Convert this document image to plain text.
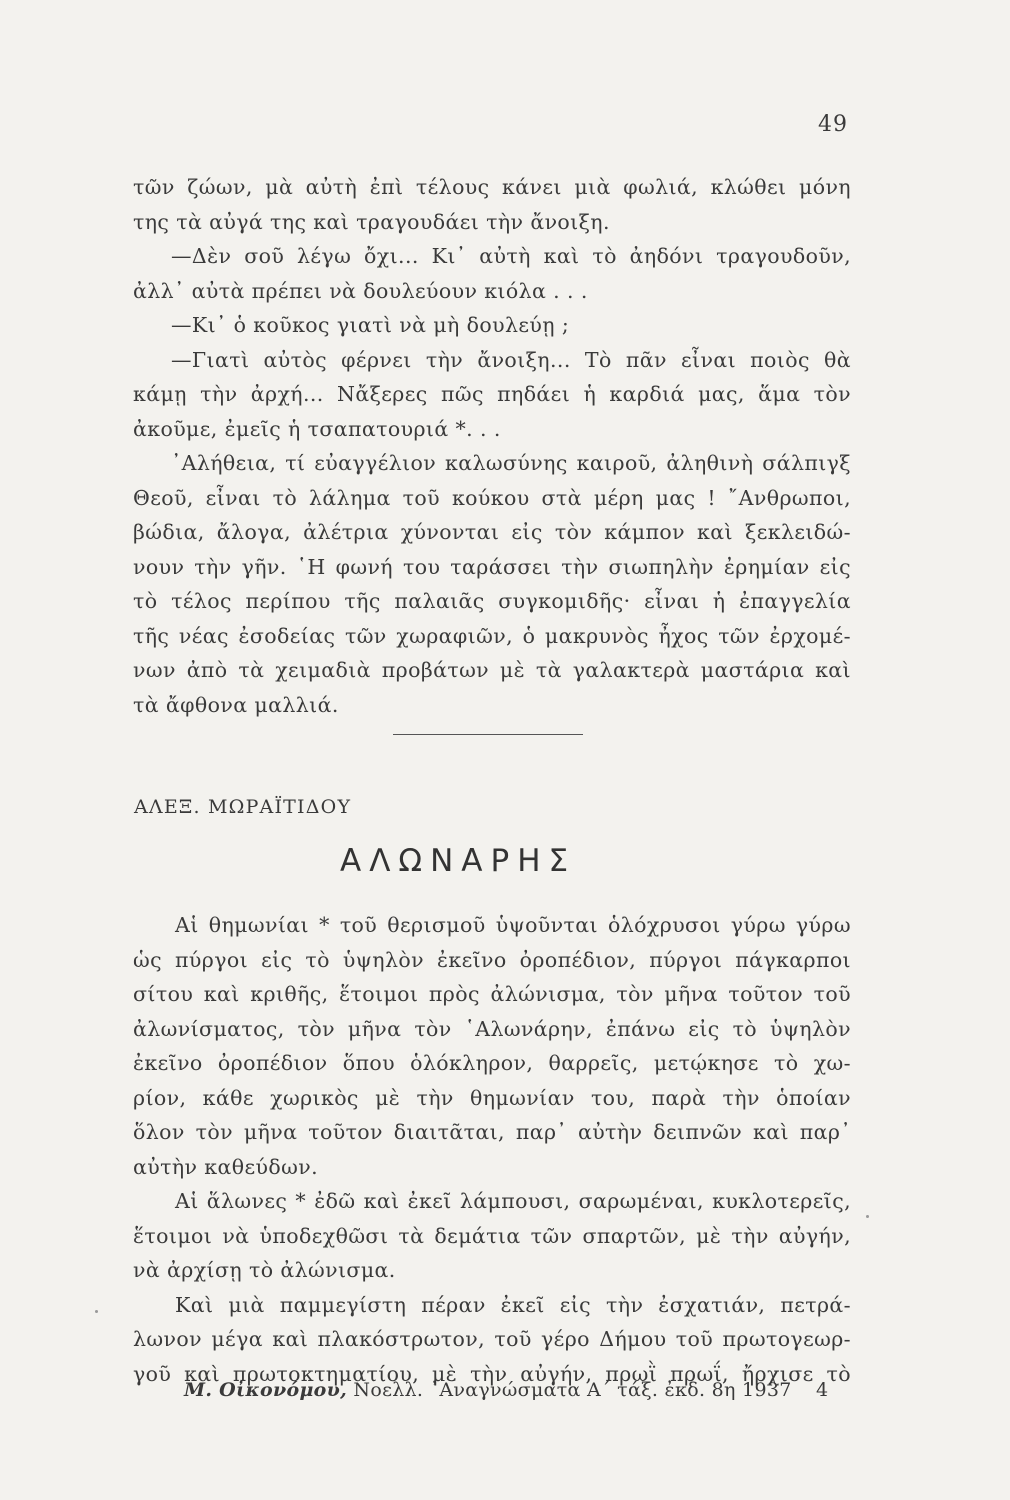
49
τῶν ζώων, μὰ αὐτὴ ἐπὶ τέλους κάνει μιὰ φωλιά, κλώθει μόνη
της τὰ αὐγά της καὶ τραγουδάει τὴν ἄνοιξη.
—Δὲν σοῦ λέγω ὄχι... Κι᾿ αὐτὴ καὶ τὸ ἀηδόνι τραγουδοῦν,
ἀλλ᾿ αὐτὰ πρέπει νὰ δουλεύουν κιόλα . . .
—Κι᾿ ὁ κοῦκος γιατὶ νὰ μὴ δουλεύῃ ;
—Γιατὶ αὐτὸς φέρνει τὴν ἄνοιξη... Τὸ πᾶν εἶναι ποιὸς θὰ
κάμῃ τὴν ἀρχή... Νἄξερες πῶς πηδάει ἡ καρδιά μας, ἅμα τὸν
ἀκοῦμε, ἐμεῖς ἡ τσαπατουριά *. . .
᾿Αλήθεια, τί εὐαγγέλιον καλωσύνης καιροῦ, ἀληθινὴ σάλπιγξ
Θεοῦ, εἶναι τὸ λάλημα τοῦ κούκου στὰ μέρη μας ! ῎Ανθρωποι,
βώδια, ἄλογα, ἀλέτρια χύνονται εἰς τὸν κάμπον καὶ ξεκλειδώ-
νουν τὴν γῆν. ῾Η φωνή του ταράσσει τὴν σιωπηλὴν ἐρημίαν εἰς
τὸ τέλος περίπου τῆς παλαιᾶς συγκομιδῆς· εἶναι ἡ ἐπαγγελία
τῆς νέας ἐσοδείας τῶν χωραφιῶν, ὁ μακρυνὸς ἦχος τῶν ἐρχομέ-
νων ἀπὸ τὰ χειμαδιὰ προβάτων μὲ τὰ γαλακτερὰ μαστάρια καὶ
τὰ ἄφθονα μαλλιά.
ΑΛΕΞ. ΜΩΡΑΪΤΙΔΟΥ
ΑΛΩΝΑΡΗΣ
Αἱ θημωνίαι * τοῦ θερισμοῦ ὑψοῦνται ὁλόχρυσοι γύρω γύρω
ὡς πύργοι εἰς τὸ ὑψηλὸν ἐκεῖνο ὀροπέδιον, πύργοι πάγκαρποι
σίτου καὶ κριθῆς, ἕτοιμοι πρὸς ἀλώνισμα, τὸν μῆνα τοῦτον τοῦ
ἀλωνίσματος, τὸν μῆνα τὸν ῾Αλωνάρην, ἐπάνω εἰς τὸ ὑψηλὸν
ἐκεῖνο ὀροπέδιον ὅπου ὁλόκληρον, θαρρεῖς, μετῴκησε τὸ χω-
ρίον, κάθε χωρικὸς μὲ τὴν θημωνίαν του, παρὰ τὴν ὁποίαν
ὅλον τὸν μῆνα τοῦτον διαιτᾶται, παρ᾿ αὐτὴν δειπνῶν καὶ παρ᾿
αὐτὴν καθεύδων.
Αἱ ἅλωνες * ἐδῶ καὶ ἐκεῖ λάμπουσι, σαρωμέναι, κυκλοτερεῖς,
ἕτοιμοι νὰ ὑποδεχθῶσι τὰ δεμάτια τῶν σπαρτῶν, μὲ τὴν αὐγήν,
νὰ ἀρχίσῃ τὸ ἀλώνισμα.
Καὶ μιὰ παμμεγίστη πέραν ἐκεῖ εἰς τὴν ἐσχατιάν, πετρά-
λωνον μέγα καὶ πλακόστρωτον, τοῦ γέρο Δήμου τοῦ πρωτογεωρ-
γοῦ καὶ πρωτοκτηματίου, μὲ τὴν αὐγήν, πρωῒ πρωΐ, ἤρχισε τὸ
Μ. Οἰκονόμου, Νοελλ. ᾿Αναγνώσματα Α΄ τάξ. ἐκδ. 8η 1937 4
